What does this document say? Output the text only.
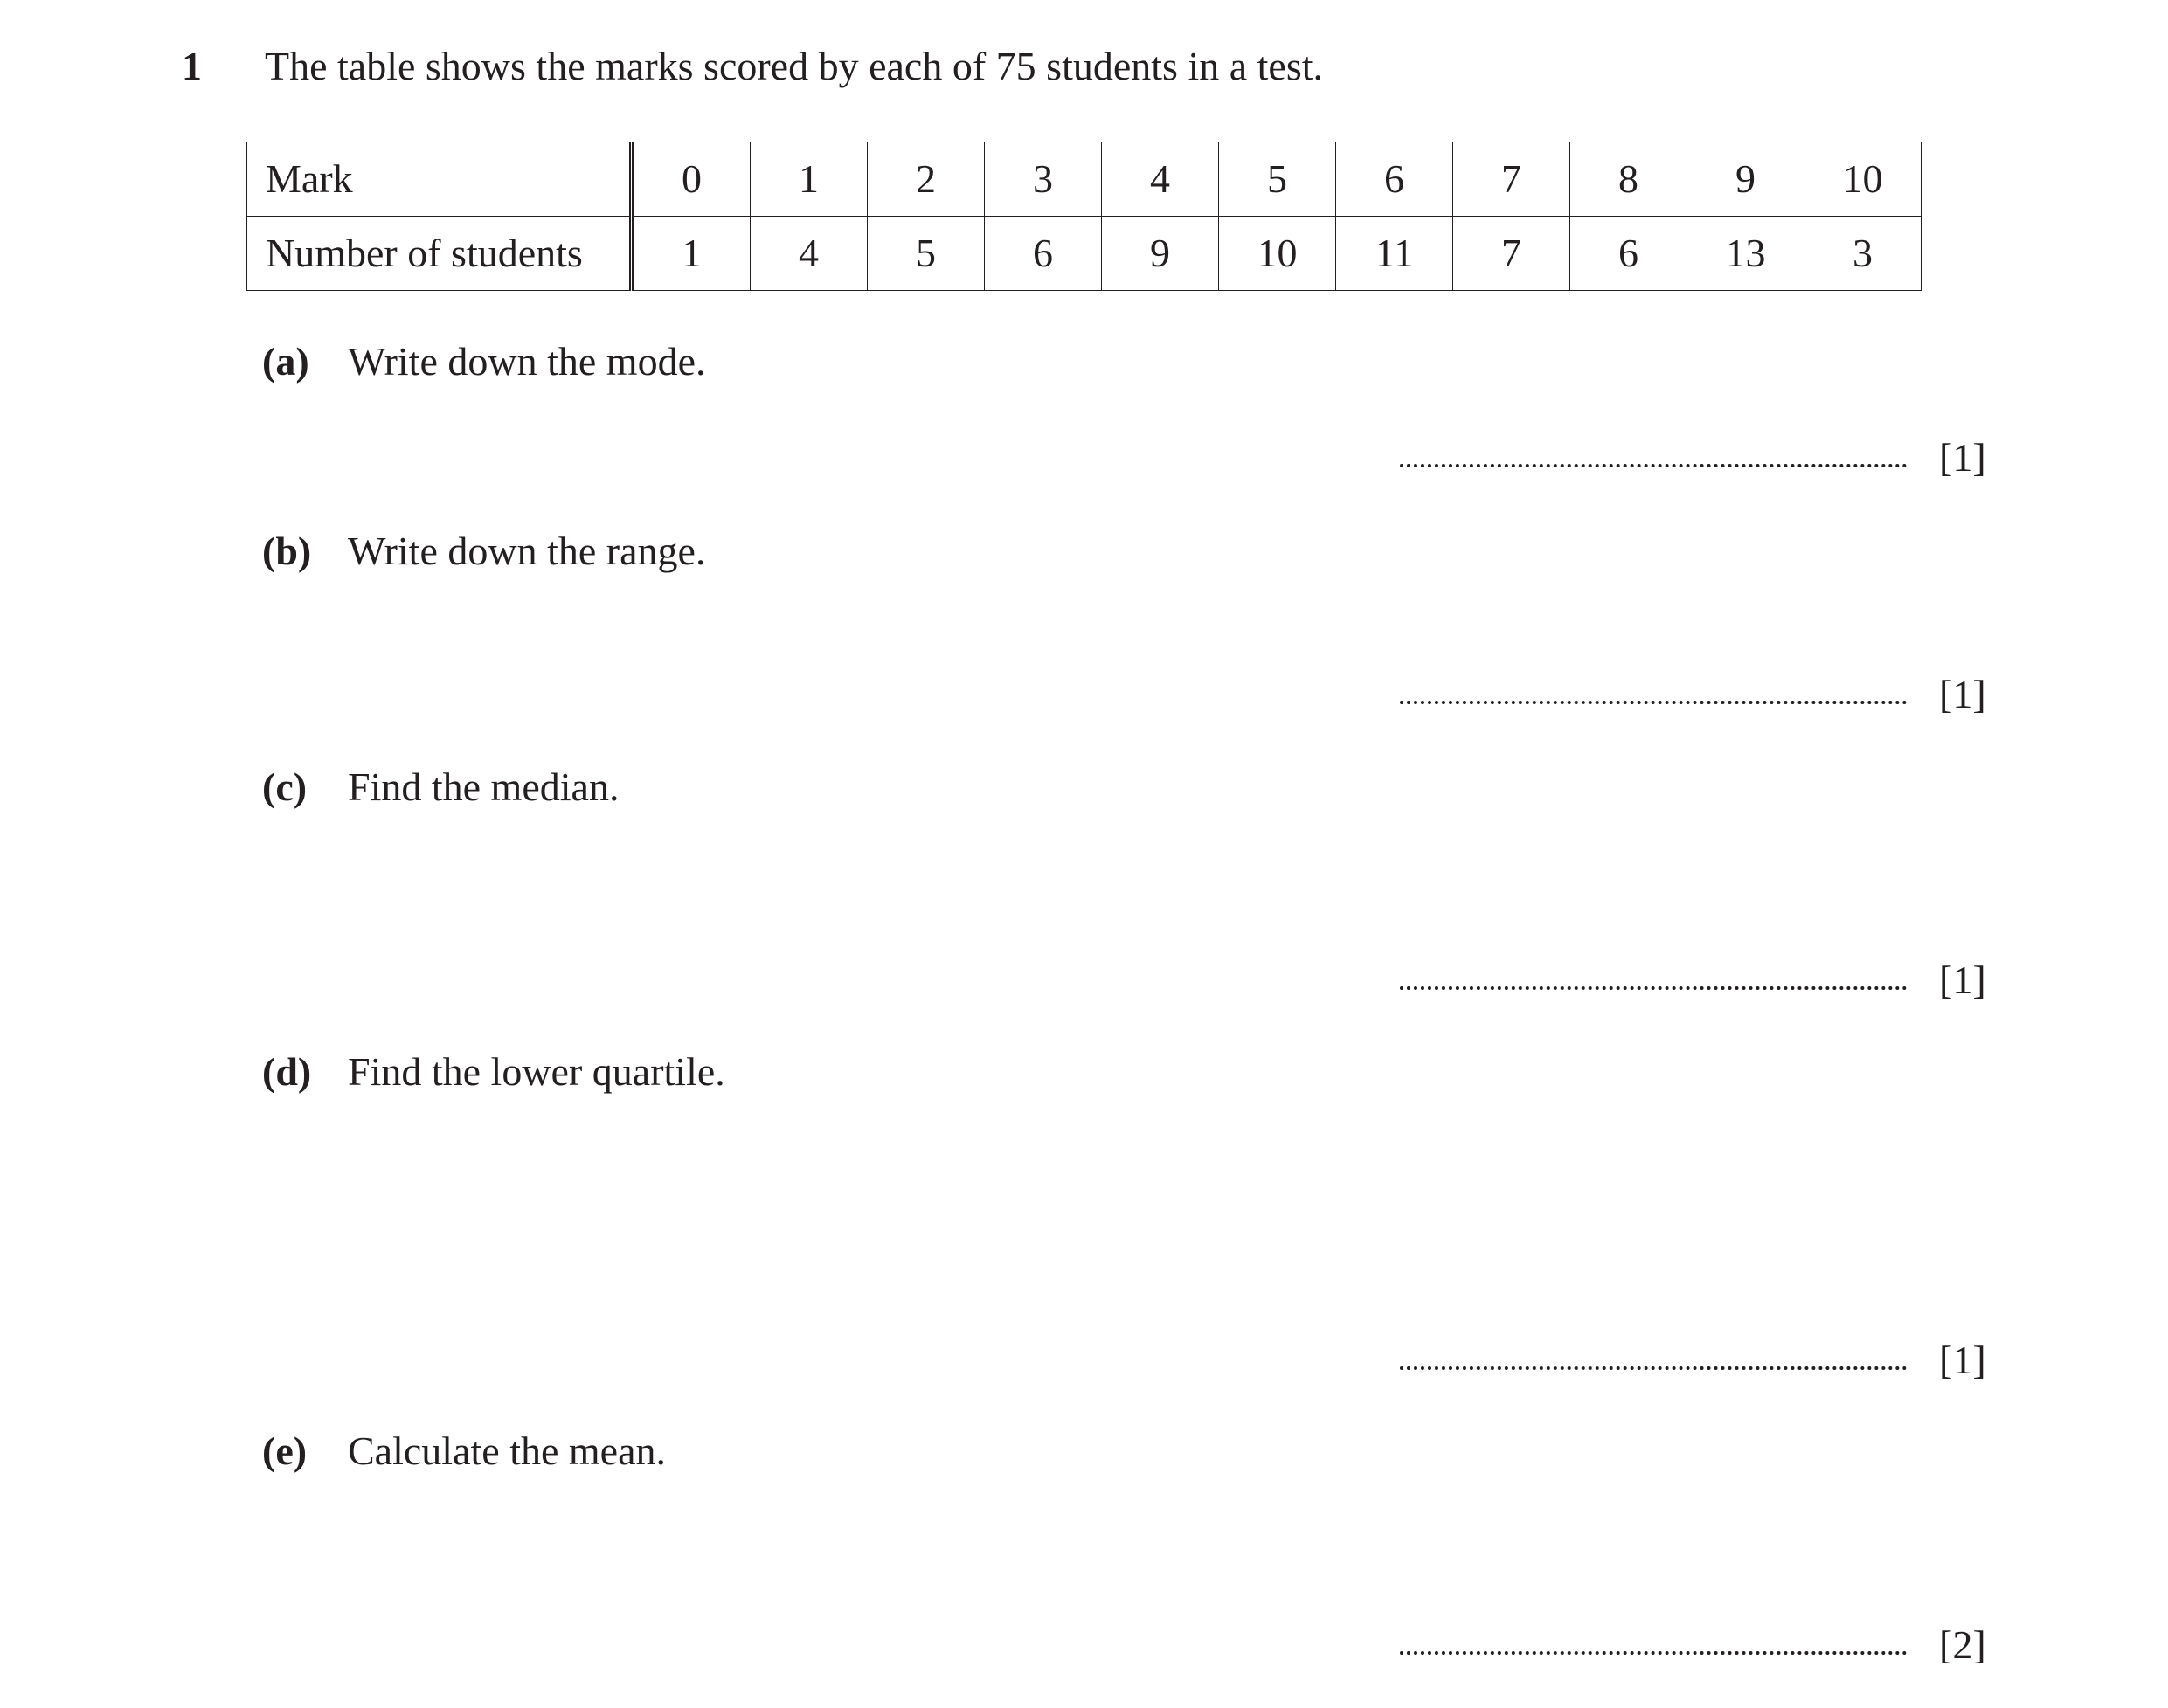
1 The table shows the marks scored by each of 75 students in a test.
Mark	0	1	2	3	4	5	6	7	8	9	10
Number of students	1	4	5	6	9	10	11	7	6	13	3
(a) Write down the mode.
[1]
(b) Write down the range.
[1]
(c) Find the median.
[1]
(d) Find the lower quartile.
[1]
(e) Calculate the mean.
[2]
